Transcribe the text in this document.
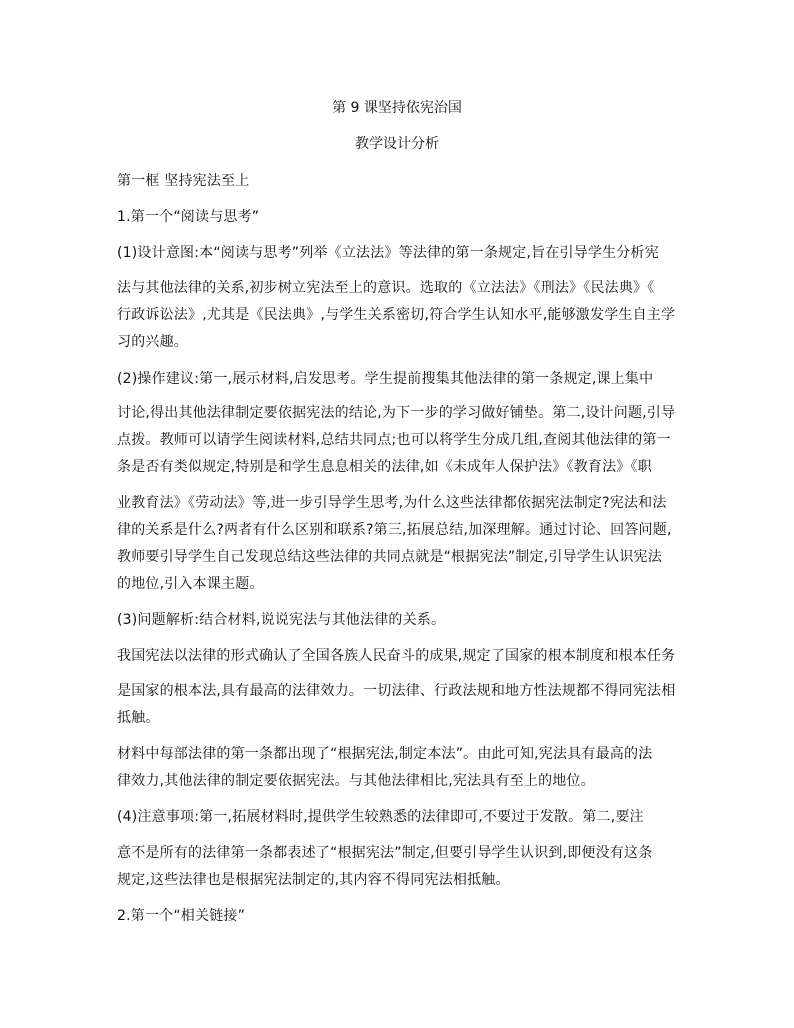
第 9 课坚持依宪治国
教学设计分析
第一框 坚持宪法至上
1.第一个“阅读与思考”
(1)设计意图:本“阅读与思考”列举《立法法》等法律的第一条规定,旨在引导学生分析宪
法与其他法律的关系,初步树立宪法至上的意识。选取的《立法法》《刑法》《民法典》《
行政诉讼法》,尤其是《民法典》,与学生关系密切,符合学生认知水平,能够激发学生自主学
习的兴趣。
(2)操作建议:第一,展示材料,启发思考。学生提前搜集其他法律的第一条规定,课上集中
讨论,得出其他法律制定要依据宪法的结论,为下一步的学习做好铺垫。第二,设计问题,引导
点拨。教师可以请学生阅读材料,总结共同点;也可以将学生分成几组,查阅其他法律的第一
条是否有类似规定,特别是和学生息息相关的法律,如《未成年人保护法》《教育法》《职
业教育法》《劳动法》等,进一步引导学生思考,为什么这些法律都依据宪法制定?宪法和法
律的关系是什么?两者有什么区别和联系?第三,拓展总结,加深理解。通过讨论、回答问题,
教师要引导学生自己发现总结这些法律的共同点就是“根据宪法”制定,引导学生认识宪法
的地位,引入本课主题。
(3)问题解析:结合材料,说说宪法与其他法律的关系。
我国宪法以法律的形式确认了全国各族人民奋斗的成果,规定了国家的根本制度和根本任务
是国家的根本法,具有最高的法律效力。一切法律、行政法规和地方性法规都不得同宪法相
抵触。
材料中每部法律的第一条都出现了“根据宪法,制定本法”。由此可知,宪法具有最高的法
律效力,其他法律的制定要依据宪法。与其他法律相比,宪法具有至上的地位。
(4)注意事项:第一,拓展材料时,提供学生较熟悉的法律即可,不要过于发散。第二,要注
意不是所有的法律第一条都表述了“根据宪法”制定,但要引导学生认识到,即便没有这条
规定,这些法律也是根据宪法制定的,其内容不得同宪法相抵触。
2.第一个“相关链接”
